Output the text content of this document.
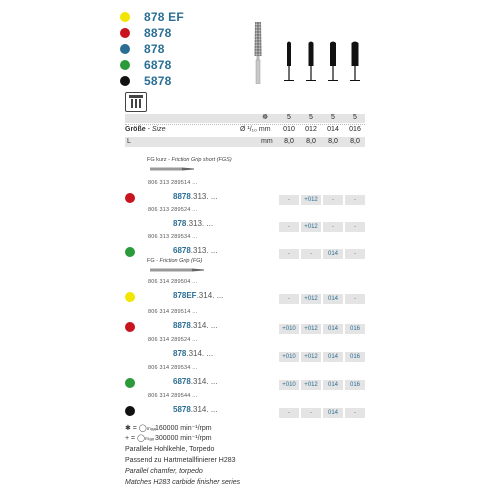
878 EF
8878
878
6878
5878
☸	5	5	5	5
Größe - Size	Ø ¹/₁₀ mm	010	012	014	016
L	mm	8,0	8,0	8,0	8,0
FG kurz - Friction Grip short (FGS)
806 313 289514 ...
8878.313. ...	-	+012	-	-
806 313 289524 ...
878.313. ...	-	+012	-	-
806 313 289534 ...
6878.313. ...	-	-	014	-
FG - Friction Grip (FG)
806 314 289504 ...
878EF.314. ...	-	+012	014	-
806 314 289514 ...
8878.314. ...	+010	+012	014	016
806 314 289524 ...
878.314. ...	+010	+012	014	016
806 314 289534 ...
6878.314. ...	+010	+012	014	016
806 314 289544 ...
5878.314. ...	-	-	014	-
✱ = ◯ₘₐₓ 160000 min⁻¹/rpm
+ = ◯ₘₐₓ 300000 min⁻¹/rpm
Parallele Hohlkehle, Torpedo
Passend zu Hartmetallfinierer H283
Parallel chamfer, torpedo
Matches H283 carbide finisher series
